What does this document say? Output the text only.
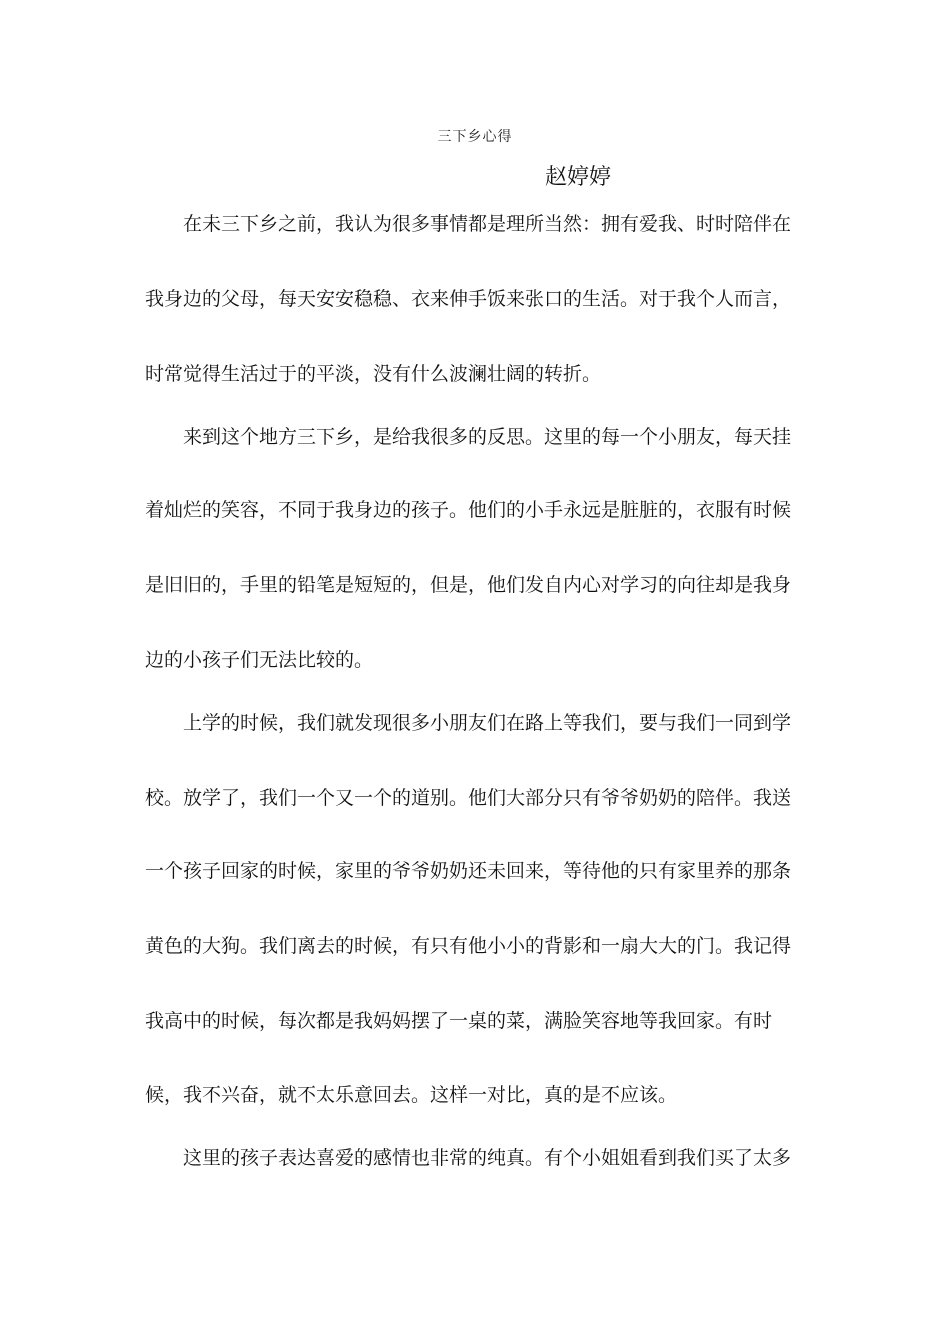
三下乡心得
赵婷婷
在未三下乡之前，我认为很多事情都是理所当然：拥有爱我、时时陪伴在
我身边的父母，每天安安稳稳、衣来伸手饭来张口的生活。对于我个人而言，
时常觉得生活过于的平淡，没有什么波澜壮阔的转折。
来到这个地方三下乡，是给我很多的反思。这里的每一个小朋友，每天挂
着灿烂的笑容，不同于我身边的孩子。他们的小手永远是脏脏的，衣服有时候
是旧旧的，手里的铅笔是短短的，但是，他们发自内心对学习的向往却是我身
边的小孩子们无法比较的。
上学的时候，我们就发现很多小朋友们在路上等我们，要与我们一同到学
校。放学了，我们一个又一个的道别。他们大部分只有爷爷奶奶的陪伴。我送
一个孩子回家的时候，家里的爷爷奶奶还未回来，等待他的只有家里养的那条
黄色的大狗。我们离去的时候，有只有他小小的背影和一扇大大的门。我记得
我高中的时候，每次都是我妈妈摆了一桌的菜，满脸笑容地等我回家。有时
候，我不兴奋，就不太乐意回去。这样一对比，真的是不应该。
这里的孩子表达喜爱的感情也非常的纯真。有个小姐姐看到我们买了太多
